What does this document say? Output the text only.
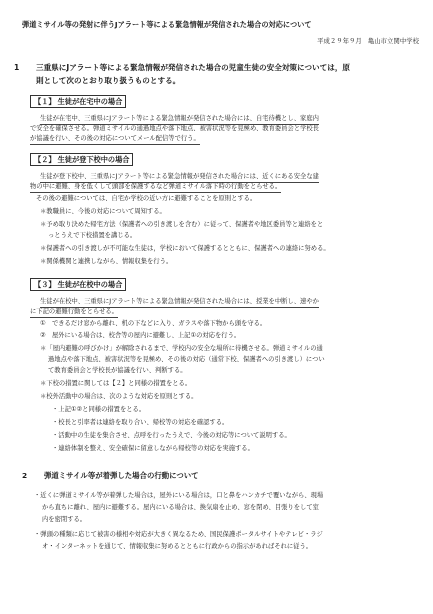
弾道ミサイル等の発射に伴うJアラート等による緊急情報が発信された場合の対応について
平成２９年９月 亀山市立関中学校
1 三重県にJアラート等による緊急情報が発信された場合の児童生徒の安全対策については，原
則として次のとおり取り扱うものとする。
【１】 生徒が在宅中の場合
生徒が在宅中、三重県にJアラート等による緊急情報が発信された場合には、自宅待機とし、家庭内
で安全を確保させる。弾道ミサイルの通過地点や落下地点、被害状況等を見極め、教育委員会と学校長
が協議を行い、その後の対応についてメール配信等で行う。
【２】 生徒が登下校中の場合
生徒が登下校中、三重県にJアラート等による緊急情報が発信された場合には、近くにある安全な建
物の中に避難、身を低くして頭部を保護するなど弾道ミサイル落下時の行動をとらせる。
その後の避難については、自宅か学校の近い方に避難することを原則とする。
＊教職員に、今後の対応について周知する。
＊予め取り決めた帰宅方法（保護者への引き渡しを含む）に従って、保護者や地区委員等と連絡をと
っとうえで下校措置を講じる。
＊保護者への引き渡しが不可能な生徒は，学校において保護するとともに、保護者への連絡に努める。
＊関係機関と連携しながら、情報収集を行う。
【３】 生徒が在校中の場合
生徒が在校中、三重県にJアラート等による緊急情報が発信された場合には、授業を中断し、速やか
に下記の避難行動をとらせる。
①　できるだけ窓から離れ、机の下などに入り、ガラスや落下物から頭を守る。
②　屋外にいる場合は、校舎等の屋内に避難し、上記①の対応を行う。
＊「屋内避難の呼びかけ」が解除されるまで、学校内の安全な場所に待機させる。弾道ミサイルの通
過地点や落下地点、被害状況等を見極め、その後の対応（通常下校、保護者への引き渡し）につい
て教育委員会と学校長が協議を行い、判断する。
＊下校の措置に関しては【２】と同様の措置をとる。
＊校外活動中の場合は、次のような対応を原則とする。
・上記①②と同様の措置をとる。
・校長と引率者は連絡を取り合い、帰校等の対応を確認する。
・活動中の生徒を集合させ、点呼を行ったうえで、今後の対応等について説明する。
・連絡体制を整え、安全確保に留意しながら帰校等の対応を実施する。
2 弾道ミサイル等が着弾した場合の行動について
・近くに弾道ミサイル等が着弾した場合は，屋外にいる場合は，口と鼻をハンカチで覆いながら、現場
から直ちに離れ、屋内に避難する。屋内にいる場合は、換気扇を止め、窓を閉め、目張りをして室
内を密閉する。
・弾頭の種類に応じて被害の様相や対応が大きく異なるため、国民保護ポータルサイトやテレビ・ラジ
オ・インターネットを通じて、情報収集に努めるとともに行政からの指示があればそれに従う。
